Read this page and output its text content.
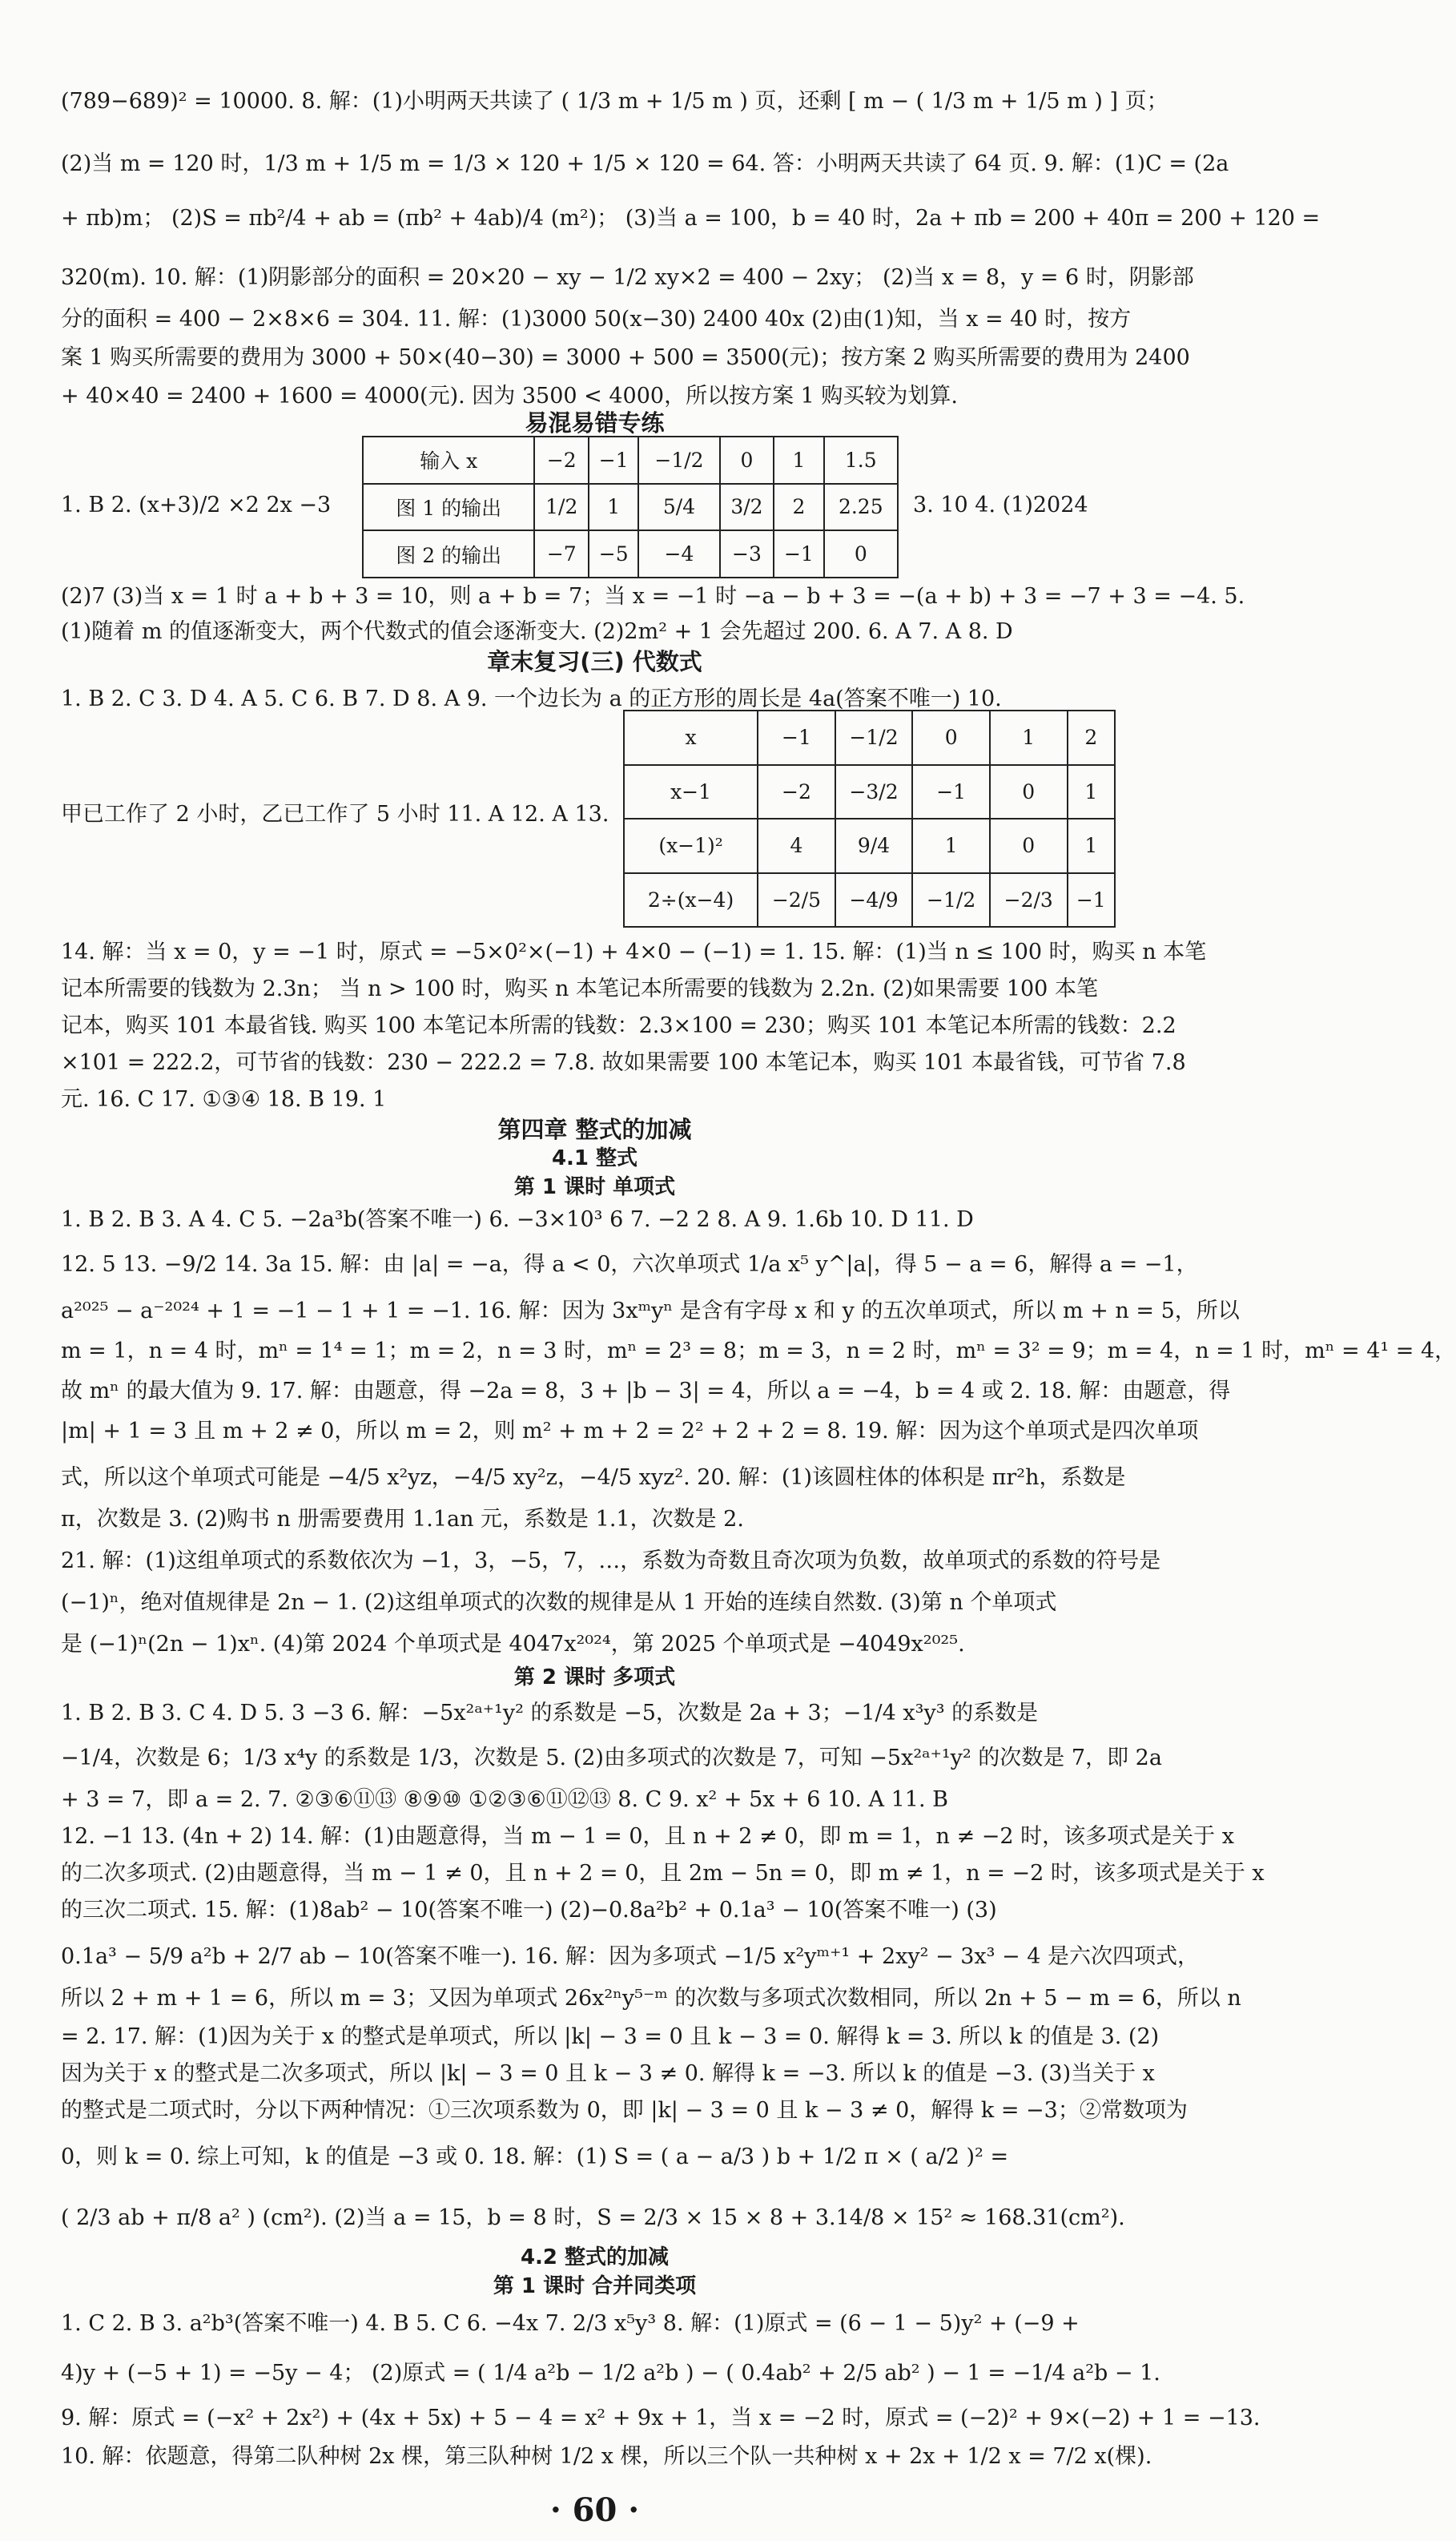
(789−689)² = 10000. 8. 解：(1)小明两天共读了 ( 1/3 m + 1/5 m ) 页，还剩 [ m − ( 1/3 m + 1/5 m ) ] 页；
(2)当 m = 120 时，1/3 m + 1/5 m = 1/3 × 120 + 1/5 × 120 = 64. 答：小明两天共读了 64 页. 9. 解：(1)C = (2a
+ πb)m； (2)S = πb²/4 + ab = (πb² + 4ab)/4 (m²)； (3)当 a = 100，b = 40 时，2a + πb = 200 + 40π = 200 + 120 =
320(m). 10. 解：(1)阴影部分的面积 = 20×20 − xy − 1/2 xy×2 = 400 − 2xy； (2)当 x = 8，y = 6 时，阴影部
分的面积 = 400 − 2×8×6 = 304. 11. 解：(1)3000 50(x−30) 2400 40x (2)由(1)知，当 x = 40 时，按方
案 1 购买所需要的费用为 3000 + 50×(40−30) = 3000 + 500 = 3500(元)；按方案 2 购买所需要的费用为 2400
+ 40×40 = 2400 + 1600 = 4000(元). 因为 3500 < 4000，所以按方案 1 购买较为划算.
易混易错专练
1. B 2. (x+3)/2 ×2 2x −3
输入 x	−2	−1	−1/2	0	1	1.5
图 1 的输出	1/2	1	5/4	3/2	2	2.25
图 2 的输出	−7	−5	−4	−3	−1	0
3. 10 4. (1)2024
(2)7 (3)当 x = 1 时 a + b + 3 = 10，则 a + b = 7；当 x = −1 时 −a − b + 3 = −(a + b) + 3 = −7 + 3 = −4. 5.
(1)随着 m 的值逐渐变大，两个代数式的值会逐渐变大. (2)2m² + 1 会先超过 200. 6. A 7. A 8. D
章末复习(三) 代数式
1. B 2. C 3. D 4. A 5. C 6. B 7. D 8. A 9. 一个边长为 a 的正方形的周长是 4a(答案不唯一) 10.
甲已工作了 2 小时，乙已工作了 5 小时 11. A 12. A 13.
x	−1	−1/2	0	1	2
x−1	−2	−3/2	−1	0	1
(x−1)²	4	9/4	1	0	1
2÷(x−4)	−2/5	−4/9	−1/2	−2/3	−1
14. 解：当 x = 0，y = −1 时，原式 = −5×0²×(−1) + 4×0 − (−1) = 1. 15. 解：(1)当 n ≤ 100 时，购买 n 本笔
记本所需要的钱数为 2.3n； 当 n > 100 时，购买 n 本笔记本所需要的钱数为 2.2n. (2)如果需要 100 本笔
记本，购买 101 本最省钱. 购买 100 本笔记本所需的钱数：2.3×100 = 230；购买 101 本笔记本所需的钱数：2.2
×101 = 222.2，可节省的钱数：230 − 222.2 = 7.8. 故如果需要 100 本笔记本，购买 101 本最省钱，可节省 7.8
元. 16. C 17. ①③④ 18. B 19. 1
第四章 整式的加减
4.1 整式
第 1 课时 单项式
1. B 2. B 3. A 4. C 5. −2a³b(答案不唯一) 6. −3×10³ 6 7. −2 2 8. A 9. 1.6b 10. D 11. D
12. 5 13. −9/2 14. 3a 15. 解：由 |a| = −a，得 a < 0，六次单项式 1/a x⁵ y^|a|，得 5 − a = 6，解得 a = −1，
a²⁰²⁵ − a⁻²⁰²⁴ + 1 = −1 − 1 + 1 = −1. 16. 解：因为 3xᵐyⁿ 是含有字母 x 和 y 的五次单项式，所以 m + n = 5，所以
m = 1，n = 4 时，mⁿ = 1⁴ = 1；m = 2，n = 3 时，mⁿ = 2³ = 8；m = 3，n = 2 时，mⁿ = 3² = 9；m = 4，n = 1 时，mⁿ = 4¹ = 4，
故 mⁿ 的最大值为 9. 17. 解：由题意，得 −2a = 8，3 + |b − 3| = 4，所以 a = −4，b = 4 或 2. 18. 解：由题意，得
|m| + 1 = 3 且 m + 2 ≠ 0，所以 m = 2，则 m² + m + 2 = 2² + 2 + 2 = 8. 19. 解：因为这个单项式是四次单项
式，所以这个单项式可能是 −4/5 x²yz，−4/5 xy²z，−4/5 xyz². 20. 解：(1)该圆柱体的体积是 πr²h，系数是
π，次数是 3. (2)购书 n 册需要费用 1.1an 元，系数是 1.1，次数是 2.
21. 解：(1)这组单项式的系数依次为 −1，3，−5，7，…，系数为奇数且奇次项为负数，故单项式的系数的符号是
(−1)ⁿ，绝对值规律是 2n − 1. (2)这组单项式的次数的规律是从 1 开始的连续自然数. (3)第 n 个单项式
是 (−1)ⁿ(2n − 1)xⁿ. (4)第 2024 个单项式是 4047x²⁰²⁴，第 2025 个单项式是 −4049x²⁰²⁵.
第 2 课时 多项式
1. B 2. B 3. C 4. D 5. 3 −3 6. 解：−5x²ᵃ⁺¹y² 的系数是 −5，次数是 2a + 3；−1/4 x³y³ 的系数是
−1/4，次数是 6；1/3 x⁴y 的系数是 1/3，次数是 5. (2)由多项式的次数是 7，可知 −5x²ᵃ⁺¹y² 的次数是 7，即 2a
+ 3 = 7，即 a = 2. 7. ②③⑥⑪⑬ ⑧⑨⑩ ①②③⑥⑪⑫⑬ 8. C 9. x² + 5x + 6 10. A 11. B
12. −1 13. (4n + 2) 14. 解：(1)由题意得，当 m − 1 = 0，且 n + 2 ≠ 0，即 m = 1，n ≠ −2 时，该多项式是关于 x
的二次多项式. (2)由题意得，当 m − 1 ≠ 0，且 n + 2 = 0，且 2m − 5n = 0，即 m ≠ 1，n = −2 时，该多项式是关于 x
的三次二项式. 15. 解：(1)8ab² − 10(答案不唯一) (2)−0.8a²b² + 0.1a³ − 10(答案不唯一) (3)
0.1a³ − 5/9 a²b + 2/7 ab − 10(答案不唯一). 16. 解：因为多项式 −1/5 x²yᵐ⁺¹ + 2xy² − 3x³ − 4 是六次四项式，
所以 2 + m + 1 = 6，所以 m = 3；又因为单项式 26x²ⁿy⁵⁻ᵐ 的次数与多项式次数相同，所以 2n + 5 − m = 6，所以 n
= 2. 17. 解：(1)因为关于 x 的整式是单项式，所以 |k| − 3 = 0 且 k − 3 = 0. 解得 k = 3. 所以 k 的值是 3. (2)
因为关于 x 的整式是二次多项式，所以 |k| − 3 = 0 且 k − 3 ≠ 0. 解得 k = −3. 所以 k 的值是 −3. (3)当关于 x
的整式是二项式时，分以下两种情况：①三次项系数为 0，即 |k| − 3 = 0 且 k − 3 ≠ 0，解得 k = −3；②常数项为
0，则 k = 0. 综上可知，k 的值是 −3 或 0. 18. 解：(1) S = ( a − a/3 ) b + 1/2 π × ( a/2 )² =
( 2/3 ab + π/8 a² ) (cm²). (2)当 a = 15，b = 8 时，S = 2/3 × 15 × 8 + 3.14/8 × 15² ≈ 168.31(cm²).
4.2 整式的加减
第 1 课时 合并同类项
1. C 2. B 3. a²b³(答案不唯一) 4. B 5. C 6. −4x 7. 2/3 x⁵y³ 8. 解：(1)原式 = (6 − 1 − 5)y² + (−9 +
4)y + (−5 + 1) = −5y − 4； (2)原式 = ( 1/4 a²b − 1/2 a²b ) − ( 0.4ab² + 2/5 ab² ) − 1 = −1/4 a²b − 1.
9. 解：原式 = (−x² + 2x²) + (4x + 5x) + 5 − 4 = x² + 9x + 1，当 x = −2 时，原式 = (−2)² + 9×(−2) + 1 = −13.
10. 解：依题意，得第二队种树 2x 棵，第三队种树 1/2 x 棵，所以三个队一共种树 x + 2x + 1/2 x = 7/2 x(棵).
· 60 ·
